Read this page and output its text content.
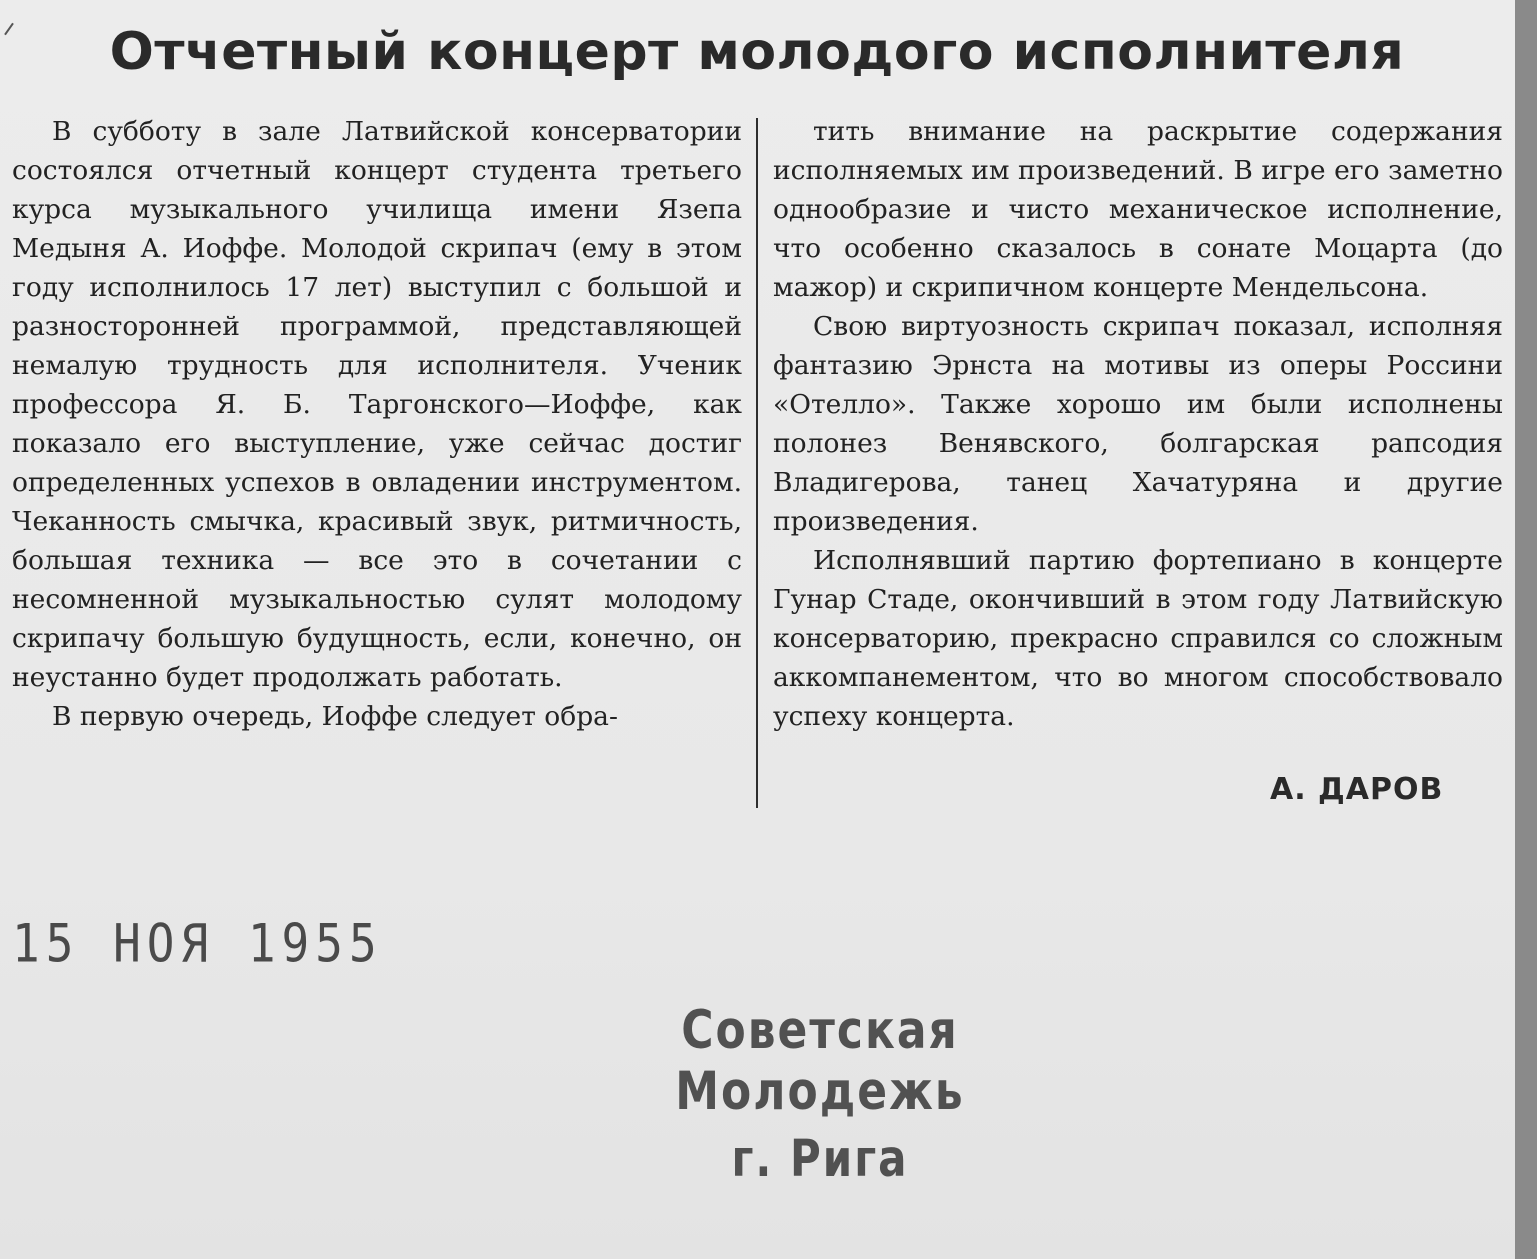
Отчетный концерт молодого исполнителя

В субботу в зале Латвийской консерватории состоялся отчетный концерт студента третьего курса музыкального училища имени Язепа Медыня А. Иоффе. Молодой скрипач (ему в этом году исполнилось 17 лет) выступил с большой и разносторонней программой, представляющей немалую трудность для исполнителя. Ученик профессора Я. Б. Таргонского—Иоффе, как показало его выступление, уже сейчас достиг определенных успехов в овладении инструментом. Чеканность смычка, красивый звук, ритмичность, большая техника — все это в сочетании с несомненной музыкальностью сулят молодому скрипачу большую будущность, если, конечно, он неустанно будет продолжать работать.

В первую очередь, Иоффе следует обра-

тить внимание на раскрытие содержания исполняемых им произведений. В игре его заметно однообразие и чисто механическое исполнение, что особенно сказалось в сонате Моцарта (до мажор) и скрипичном концерте Мендельсона.

Свою виртуозность скрипач показал, исполняя фантазию Эрнста на мотивы из оперы Россини «Отелло». Также хорошо им были исполнены полонез Венявского, болгарская рапсодия Владигерова, танец Хачатуряна и другие произведения.

Исполнявший партию фортепиано в концерте Гунар Стаде, окончивший в этом году Латвийскую консерваторию, прекрасно справился со сложным аккомпанементом, что во многом способствовало успеху концерта.

А. ДАРОВ
15 НОЯ 1955
Советская Молодежь
г. Рига
